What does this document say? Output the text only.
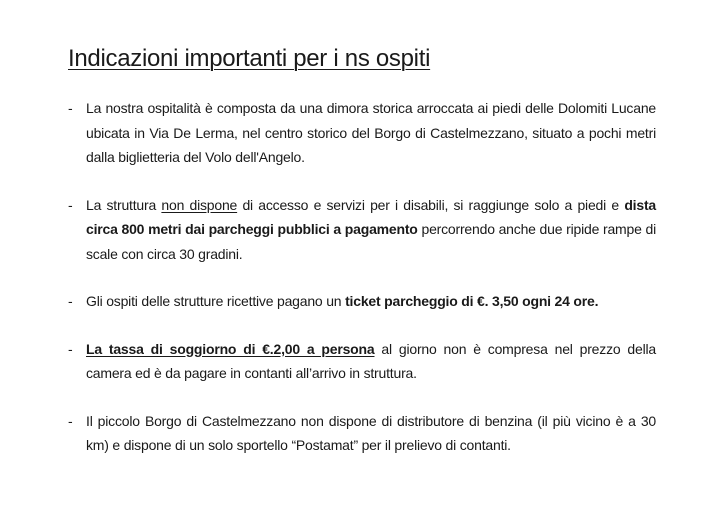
Indicazioni importanti per i ns ospiti
- La nostra ospitalità è composta da una dimora storica arroccata ai piedi delle Dolomiti Lucane ubicata in Via De Lerma, nel centro storico del Borgo di Castelmezzano, situato a pochi metri dalla biglietteria del Volo dell'Angelo.
- La struttura non dispone di accesso e servizi per i disabili, si raggiunge solo a piedi e dista circa 800 metri dai parcheggi pubblici a pagamento percorrendo anche due ripide rampe di scale con circa 30 gradini.
- Gli ospiti delle strutture ricettive pagano un ticket parcheggio di €. 3,50 ogni 24 ore.
- La tassa di soggiorno di €.2,00 a persona al giorno non è compresa nel prezzo della camera ed è da pagare in contanti all’arrivo in struttura.
- Il piccolo Borgo di Castelmezzano non dispone di distributore di benzina (il più vicino è a 30 km) e dispone di un solo sportello “Postamat” per il prelievo di contanti.
